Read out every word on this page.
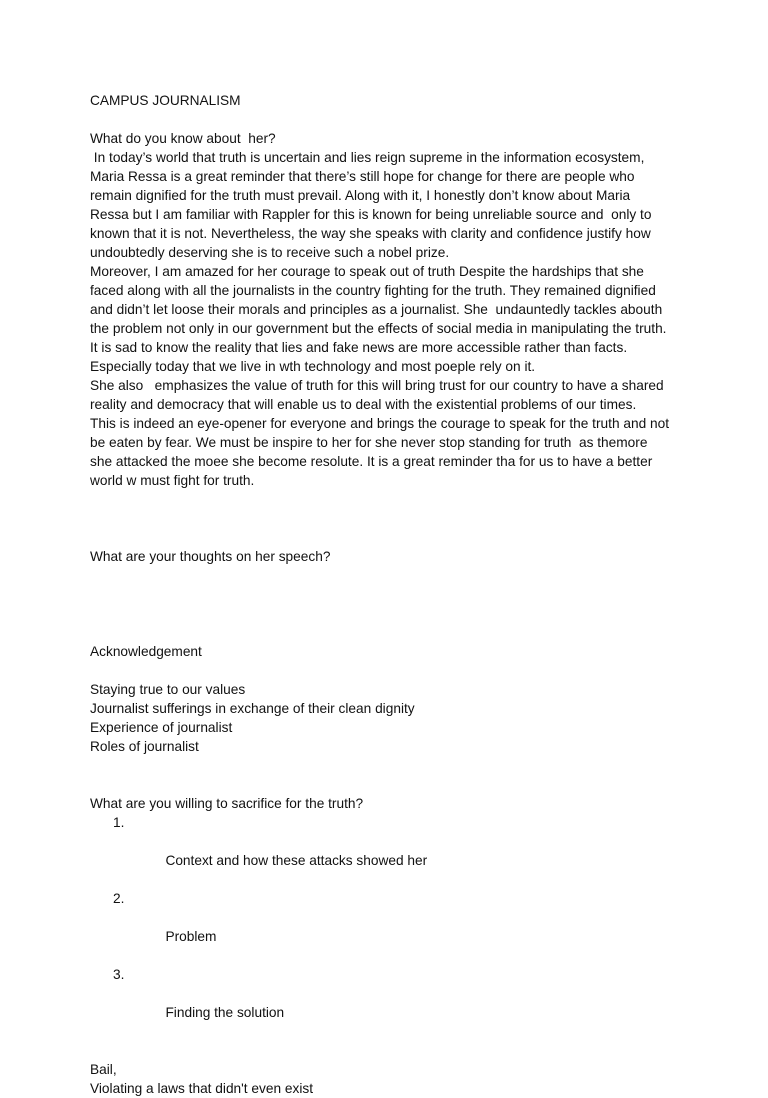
CAMPUS JOURNALISM

What do you know about  her?

In today’s world that truth is uncertain and lies reign supreme in the information ecosystem,

Maria Ressa is a great reminder that there’s still hope for change for there are people who

remain dignified for the truth must prevail. Along with it, I honestly don’t know about Maria

Ressa but I am familiar with Rappler for this is known for being unreliable source and  only to

known that it is not. Nevertheless, the way she speaks with clarity and confidence justify how

undoubtedly deserving she is to receive such a nobel prize.

Moreover, I am amazed for her courage to speak out of truth Despite the hardships that she

faced along with all the journalists in the country fighting for the truth. They remained dignified

and didn’t let loose their morals and principles as a journalist. She  undauntedly tackles abouth

the problem not only in our government but the effects of social media in manipulating the truth.

It is sad to know the reality that lies and fake news are more accessible rather than facts.

Especially today that we live in wth technology and most poeple rely on it.

She also   emphasizes the value of truth for this will bring trust for our country to have a shared

reality and democracy that will enable us to deal with the existential problems of our times.

This is indeed an eye-opener for everyone and brings the courage to speak for the truth and not

be eaten by fear. We must be inspire to her for she never stop standing for truth  as themore

she attacked the moee she become resolute. It is a great reminder tha for us to have a better

world w must fight for truth.

What are your thoughts on her speech?

Acknowledgement

Staying true to our values

Journalist sufferings in exchange of their clean dignity

Experience of journalist

Roles of journalist

What are you willing to sacrifice for the truth?

1.

Context and how these attacks showed her

2.

Problem

3.

Finding the solution

Bail,

Violating a laws that didn't even exist
